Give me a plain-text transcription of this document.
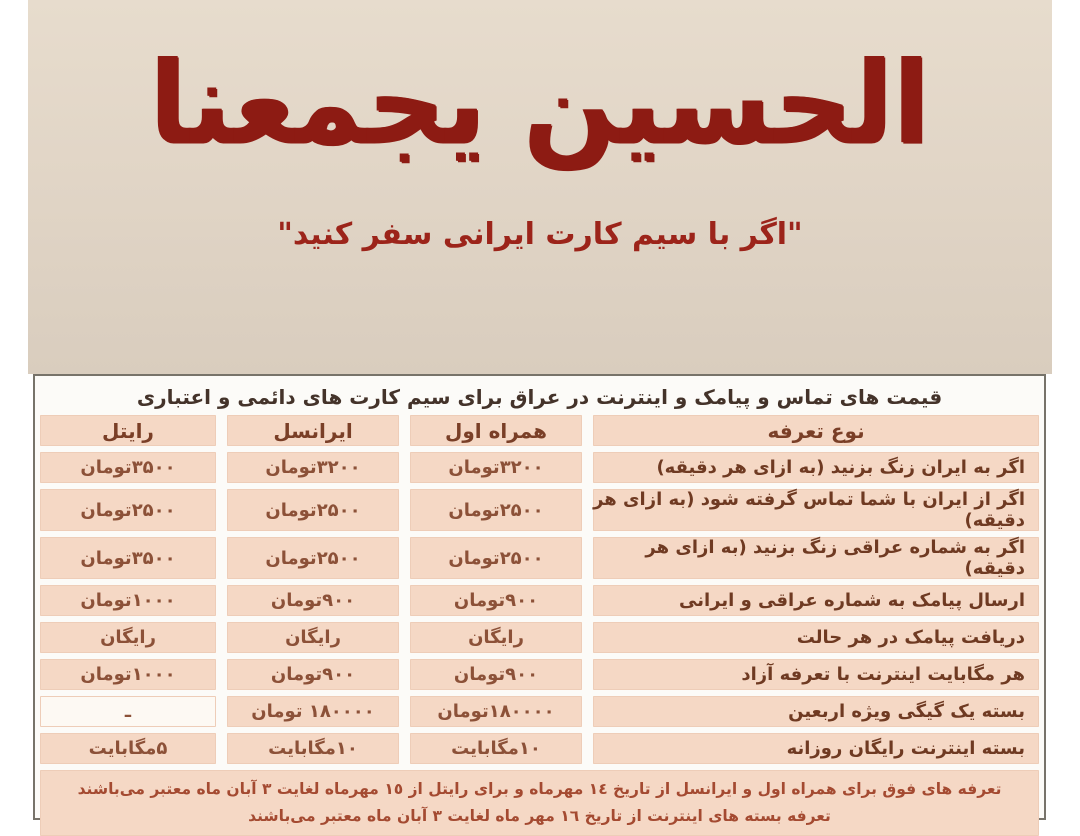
الحسين يجمعنا
"اگر با سیم کارت ایرانی سفر کنید"
قیمت های تماس و پیامک و اینترنت در عراق برای سیم کارت های دائمی و اعتباری
نوع تعرفه
همراه اول
ایرانسل
رایتل
اگر به ایران زنگ بزنید (به ازای هر دقیقه)
۳۲۰۰تومان
۳۲۰۰تومان
۳۵۰۰تومان
اگر از ایران با شما تماس گرفته شود (به ازای هر دقیقه)
۲۵۰۰تومان
۲۵۰۰تومان
۲۵۰۰تومان
اگر به شماره عراقی زنگ بزنید (به ازای هر دقیقه)
۲۵۰۰تومان
۲۵۰۰تومان
۳۵۰۰تومان
ارسال پیامک به شماره عراقی و ایرانی
۹۰۰تومان
۹۰۰تومان
۱۰۰۰تومان
دریافت پیامک در هر حالت
رایگان
رایگان
رایگان
هر مگابایت اینترنت با تعرفه آزاد
۹۰۰تومان
۹۰۰تومان
۱۰۰۰تومان
بسته یک گیگی ویژه اربعین
۱۸۰۰۰۰تومان
۱۸۰۰۰۰ تومان
ـ
بسته اینترنت رایگان روزانه
۱۰مگابایت
۱۰مگابایت
۵مگابایت
تعرفه های فوق برای همراه اول و ایرانسل از تاریخ ١٤ مهرماه و برای رایتل از ١٥ مهرماه لغایت ٣ آبان ماه معتبر می‌باشند
تعرفه بسته های اینترنت از تاریخ ١٦ مهر ماه لغایت ٣ آبان ماه معتبر می‌باشند
